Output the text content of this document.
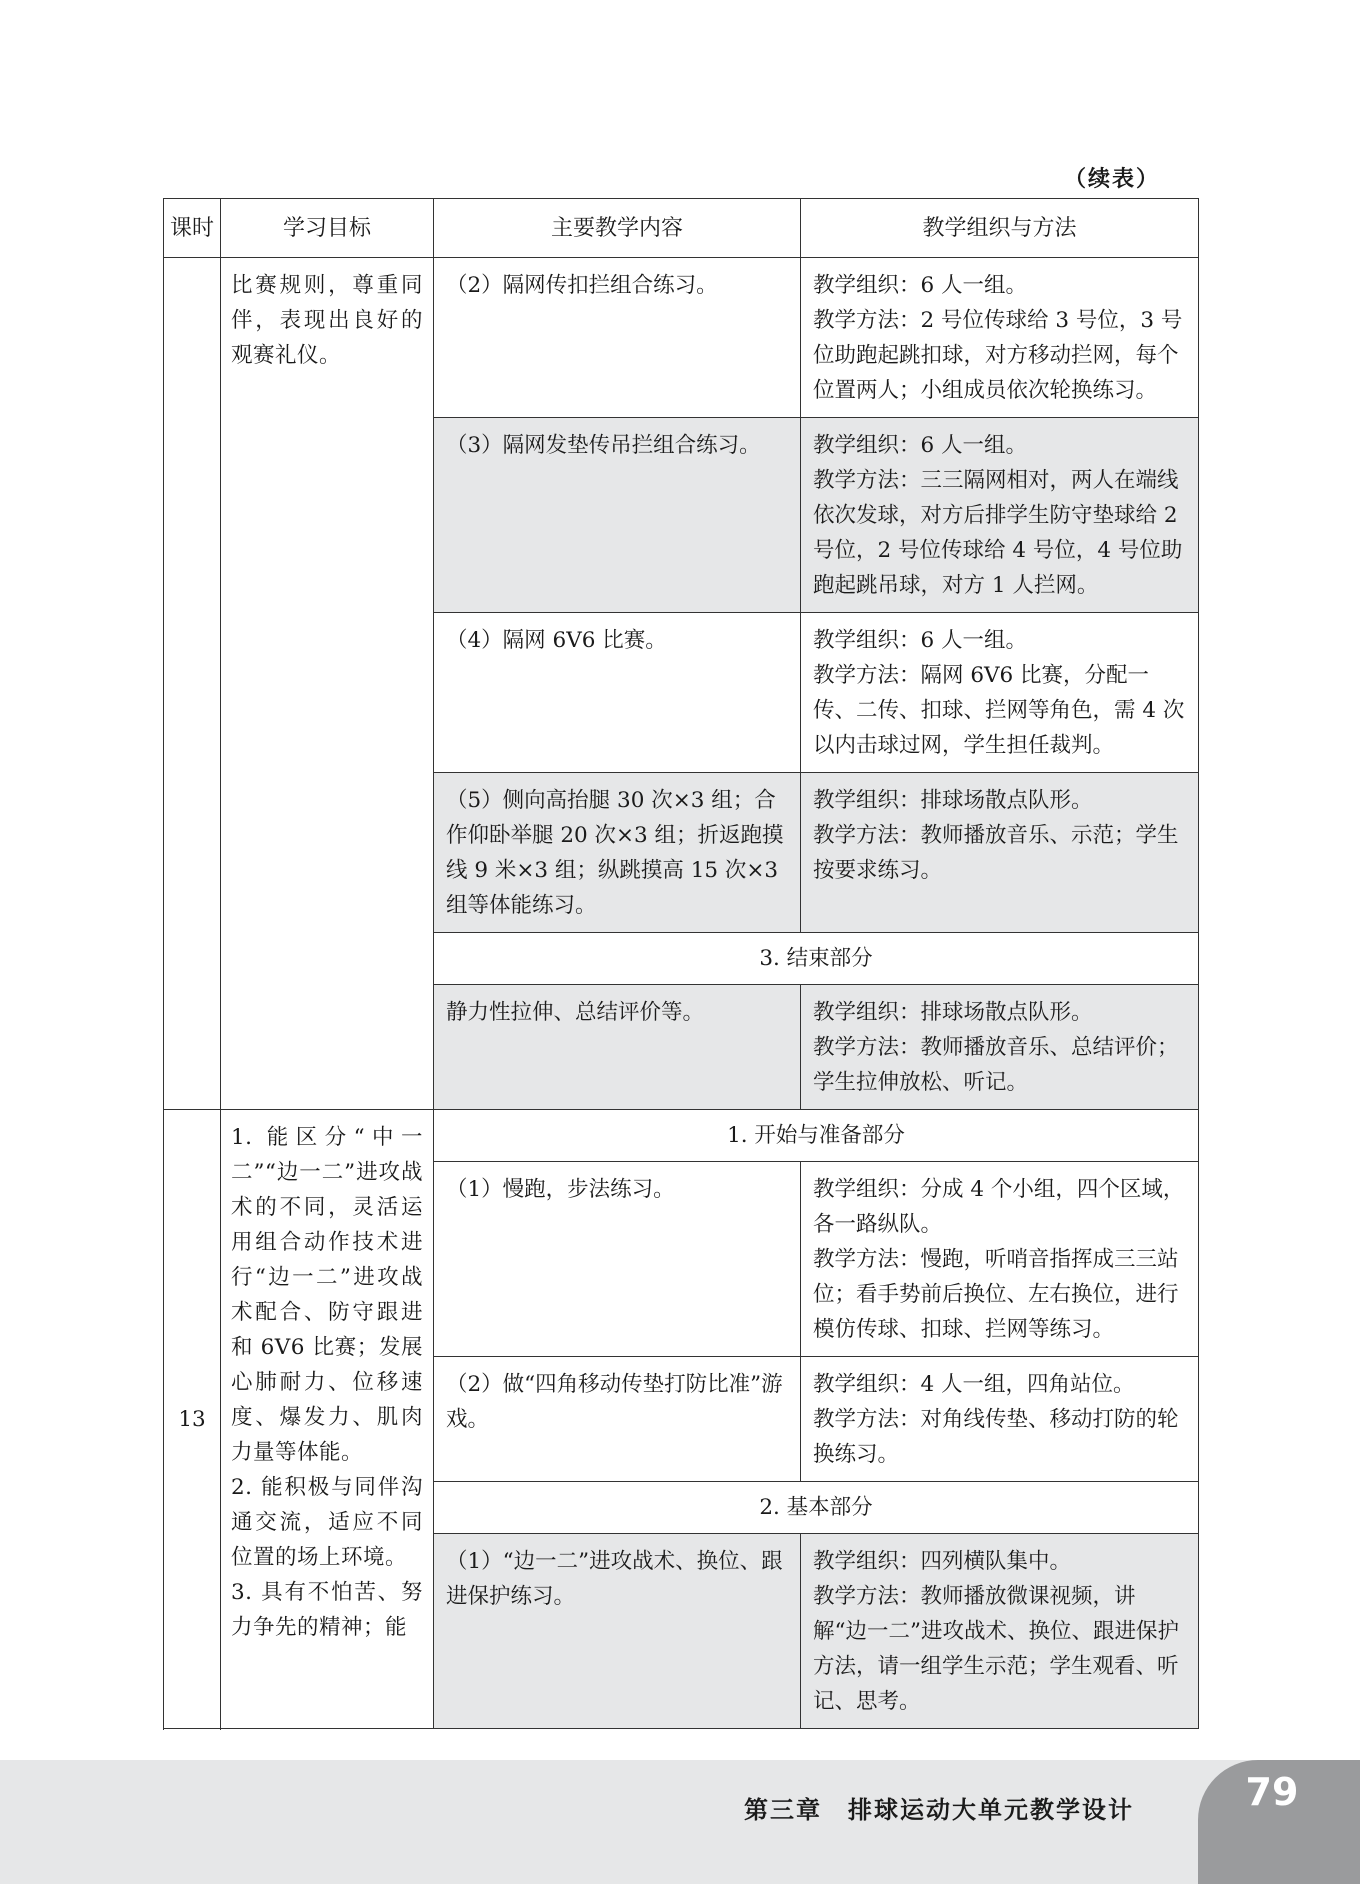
（续表）
课时	学习目标	主要教学内容	教学组织与方法
	比赛规则，尊重同伴，表现出良好的观赛礼仪。	（2）隔网传扣拦组合练习。	教学组织：6 人一组。
教学方法：2 号位传球给 3 号位，3 号位助跑起跳扣球，对方移动拦网，每个位置两人；小组成员依次轮换练习。
		（3）隔网发垫传吊拦组合练习。	教学组织：6 人一组。
教学方法：三三隔网相对，两人在端线依次发球，对方后排学生防守垫球给 2 号位，2 号位传球给 4 号位，4 号位助跑起跳吊球，对方 1 人拦网。
		（4）隔网 6V6 比赛。	教学组织：6 人一组。
教学方法：隔网 6V6 比赛，分配一传、二传、扣球、拦网等角色，需 4 次以内击球过网，学生担任裁判。
		（5）侧向高抬腿 30 次×3 组；合作仰卧举腿 20 次×3 组；折返跑摸线 9 米×3 组；纵跳摸高 15 次×3 组等体能练习。	教学组织：排球场散点队形。
教学方法：教师播放音乐、示范；学生按要求练习。
		3. 结束部分	
		静力性拉伸、总结评价等。	教学组织：排球场散点队形。
教学方法：教师播放音乐、总结评价；学生拉伸放松、听记。

13	1. 能区分“中一二”“边一二”进攻战术的不同，灵活运用组合动作技术进行“边一二”进攻战术配合、防守跟进和 6V6 比赛；发展心肺耐力、位移速度、爆发力、肌肉力量等体能。
2. 能积极与同伴沟通交流，适应不同位置的场上环境。
3. 具有不怕苦、努力争先的精神；能	1. 开始与准备部分	
		（1）慢跑，步法练习。	教学组织：分成 4 个小组，四个区域，各一路纵队。
教学方法：慢跑，听哨音指挥成三三站位；看手势前后换位、左右换位，进行模仿传球、扣球、拦网等练习。
		（2）做“四角移动传垫打防比准”游戏。	教学组织：4 人一组，四角站位。
教学方法：对角线传垫、移动打防的轮换练习。
		2. 基本部分	
		（1）“边一二”进攻战术、换位、跟进保护练习。	教学组织：四列横队集中。
教学方法：教师播放微课视频，讲解“边一二”进攻战术、换位、跟进保护方法，请一组学生示范；学生观看、听记、思考。

第三章　排球运动大单元教学设计	79
